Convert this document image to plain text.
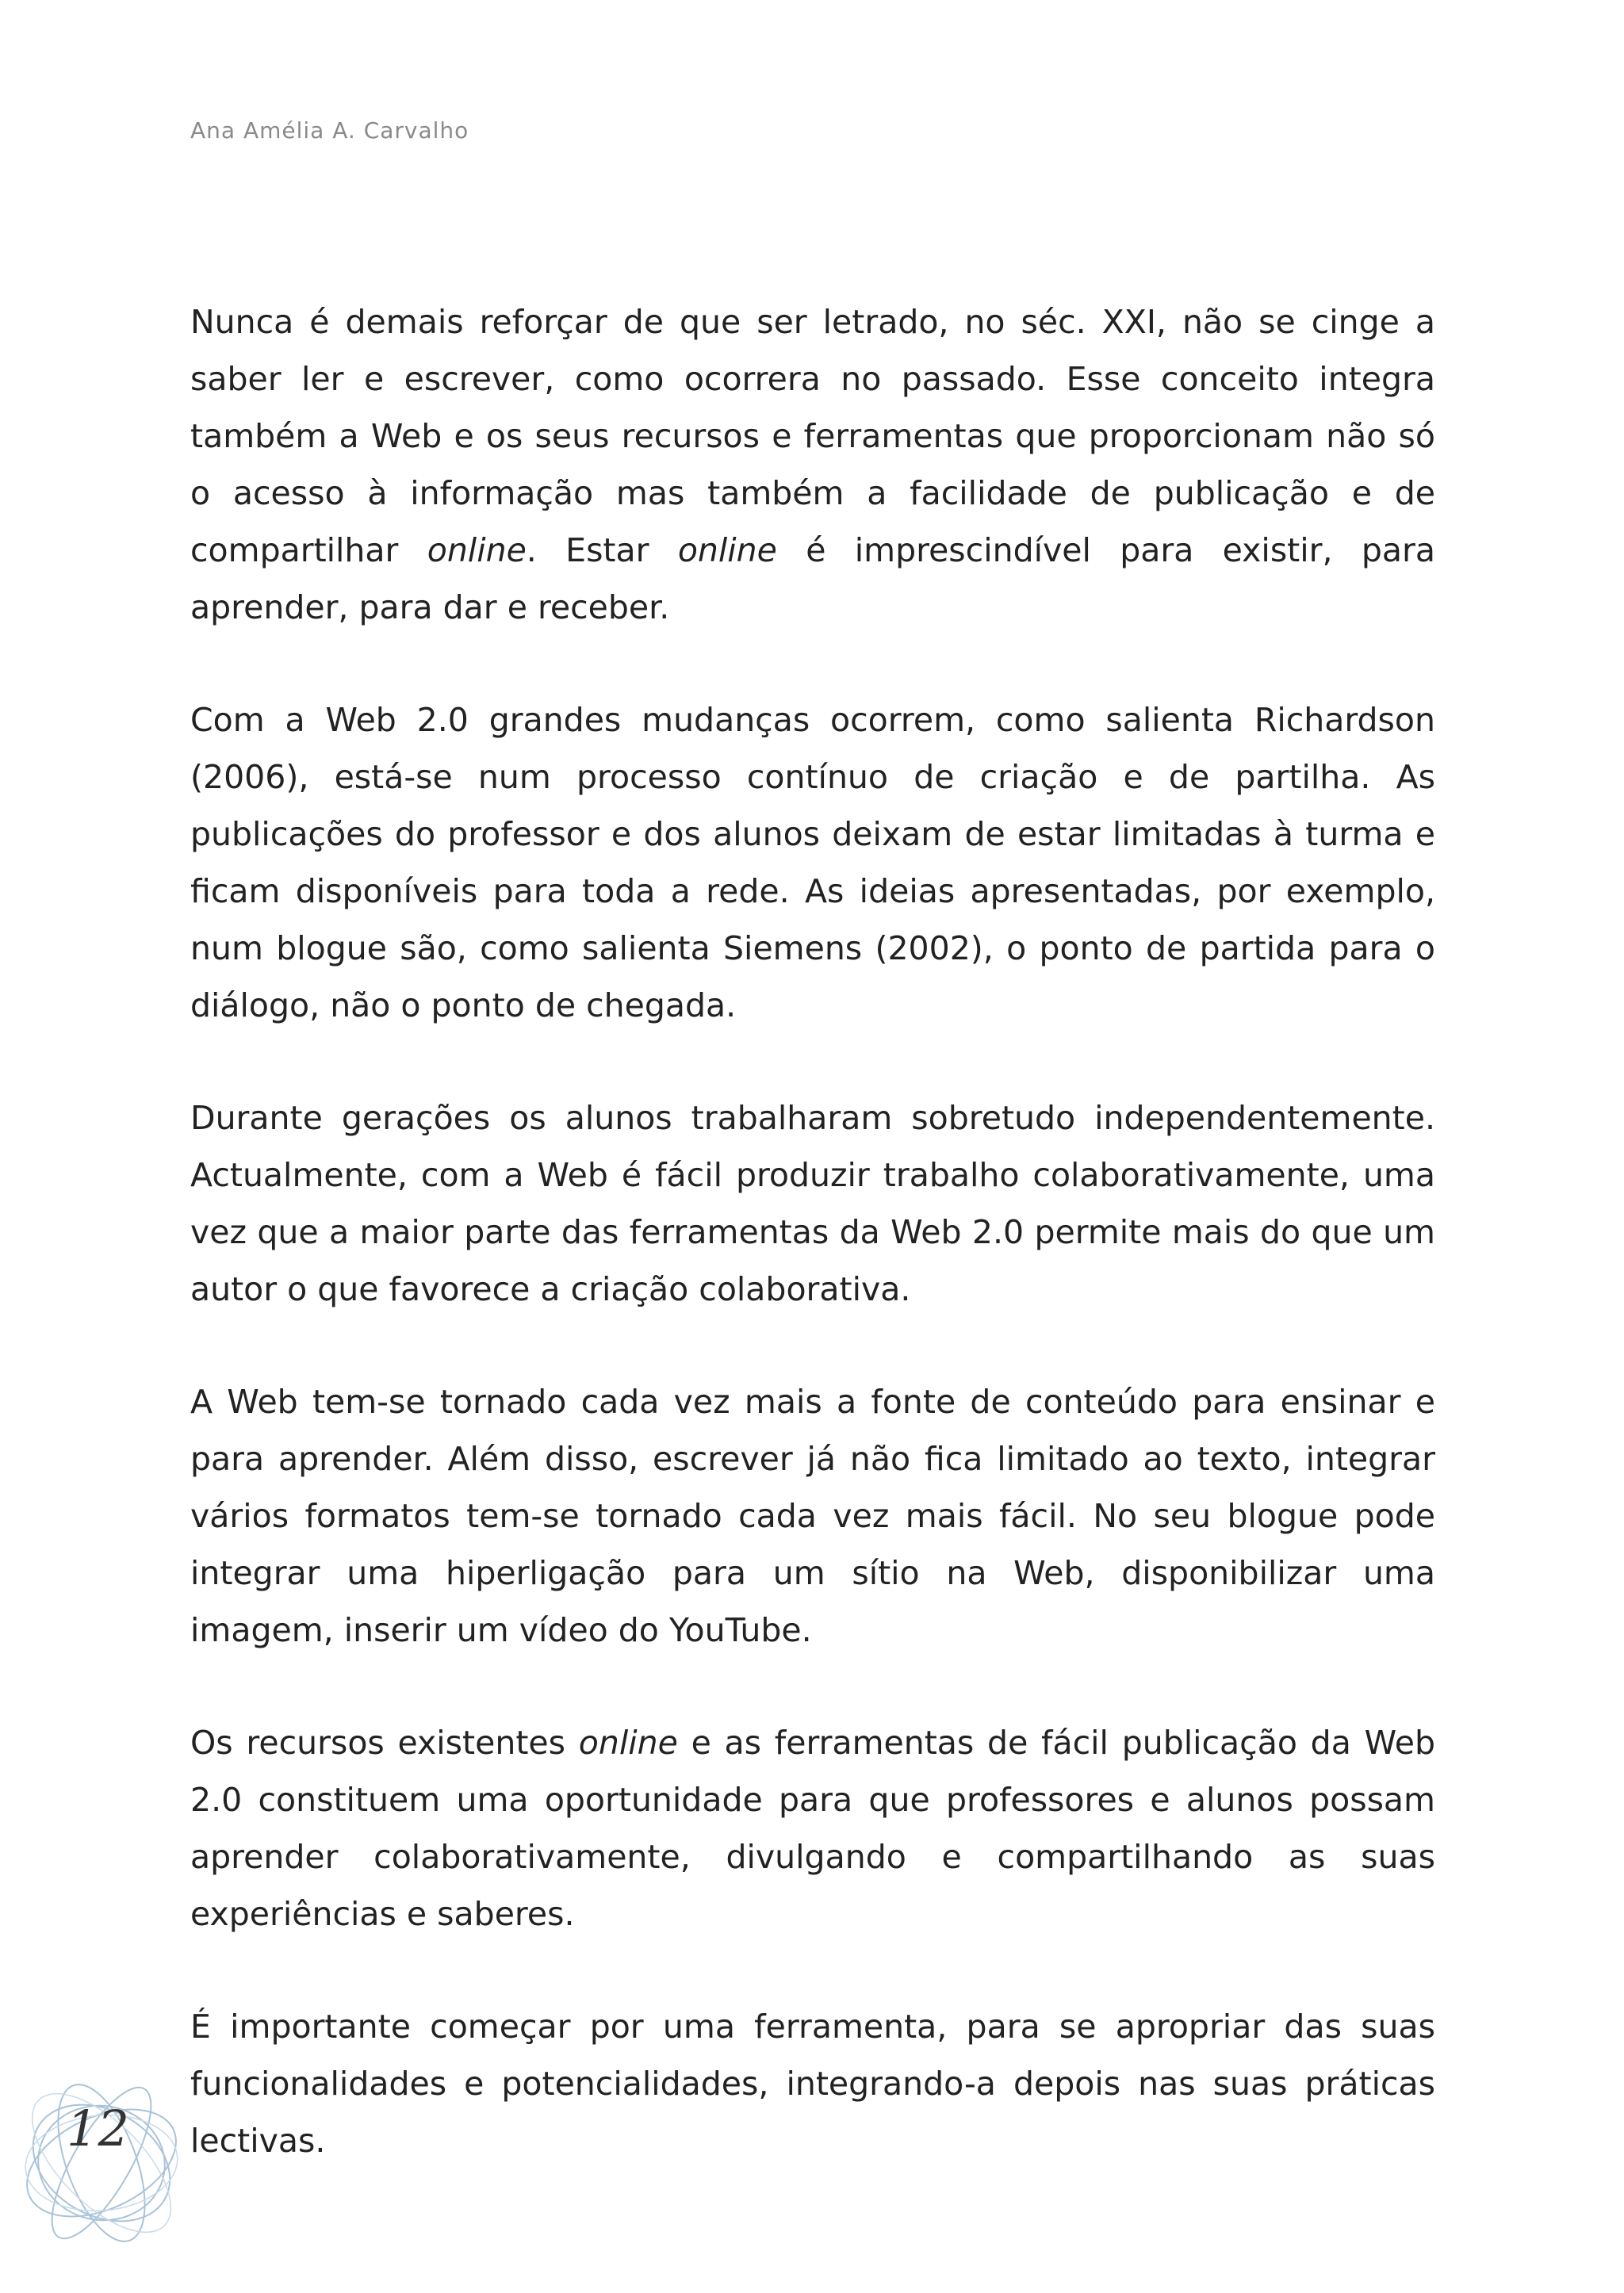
Ana Amélia A. Carvalho

Nunca é demais reforçar de que ser letrado, no séc. XXI, não se cinge a saber ler e escrever, como ocorrera no passado. Esse conceito integra também a Web e os seus recursos e ferramentas que proporcionam não só o acesso à informação mas também a facilidade de publicação e de compartilhar online. Estar online é imprescindível para existir, para aprender, para dar e receber.

Com a Web 2.0 grandes mudanças ocorrem, como salienta Richardson (2006), está-se num processo contínuo de criação e de partilha. As publicações do professor e dos alunos deixam de estar limitadas à turma e ficam disponíveis para toda a rede. As ideias apresentadas, por exemplo, num blogue são, como salienta Siemens (2002), o ponto de partida para o diálogo, não o ponto de chegada.

Durante gerações os alunos trabalharam sobretudo independentemente. Actualmente, com a Web é fácil produzir trabalho colaborativamente, uma vez que a maior parte das ferramentas da Web 2.0 permite mais do que um autor o que favorece a criação colaborativa.

A Web tem-se tornado cada vez mais a fonte de conteúdo para ensinar e para aprender. Além disso, escrever já não fica limitado ao texto, integrar vários formatos tem-se tornado cada vez mais fácil. No seu blogue pode integrar uma hiperligação para um sítio na Web, disponibilizar uma imagem, inserir um vídeo do YouTube.

Os recursos existentes online e as ferramentas de fácil publicação da Web 2.0 constituem uma oportunidade para que professores e alunos possam aprender colaborativamente, divulgando e compartilhando as suas experiências e saberes.

É importante começar por uma ferramenta, para se apropriar das suas funcionalidades e potencialidades, integrando-a depois nas suas práticas lectivas.

12
